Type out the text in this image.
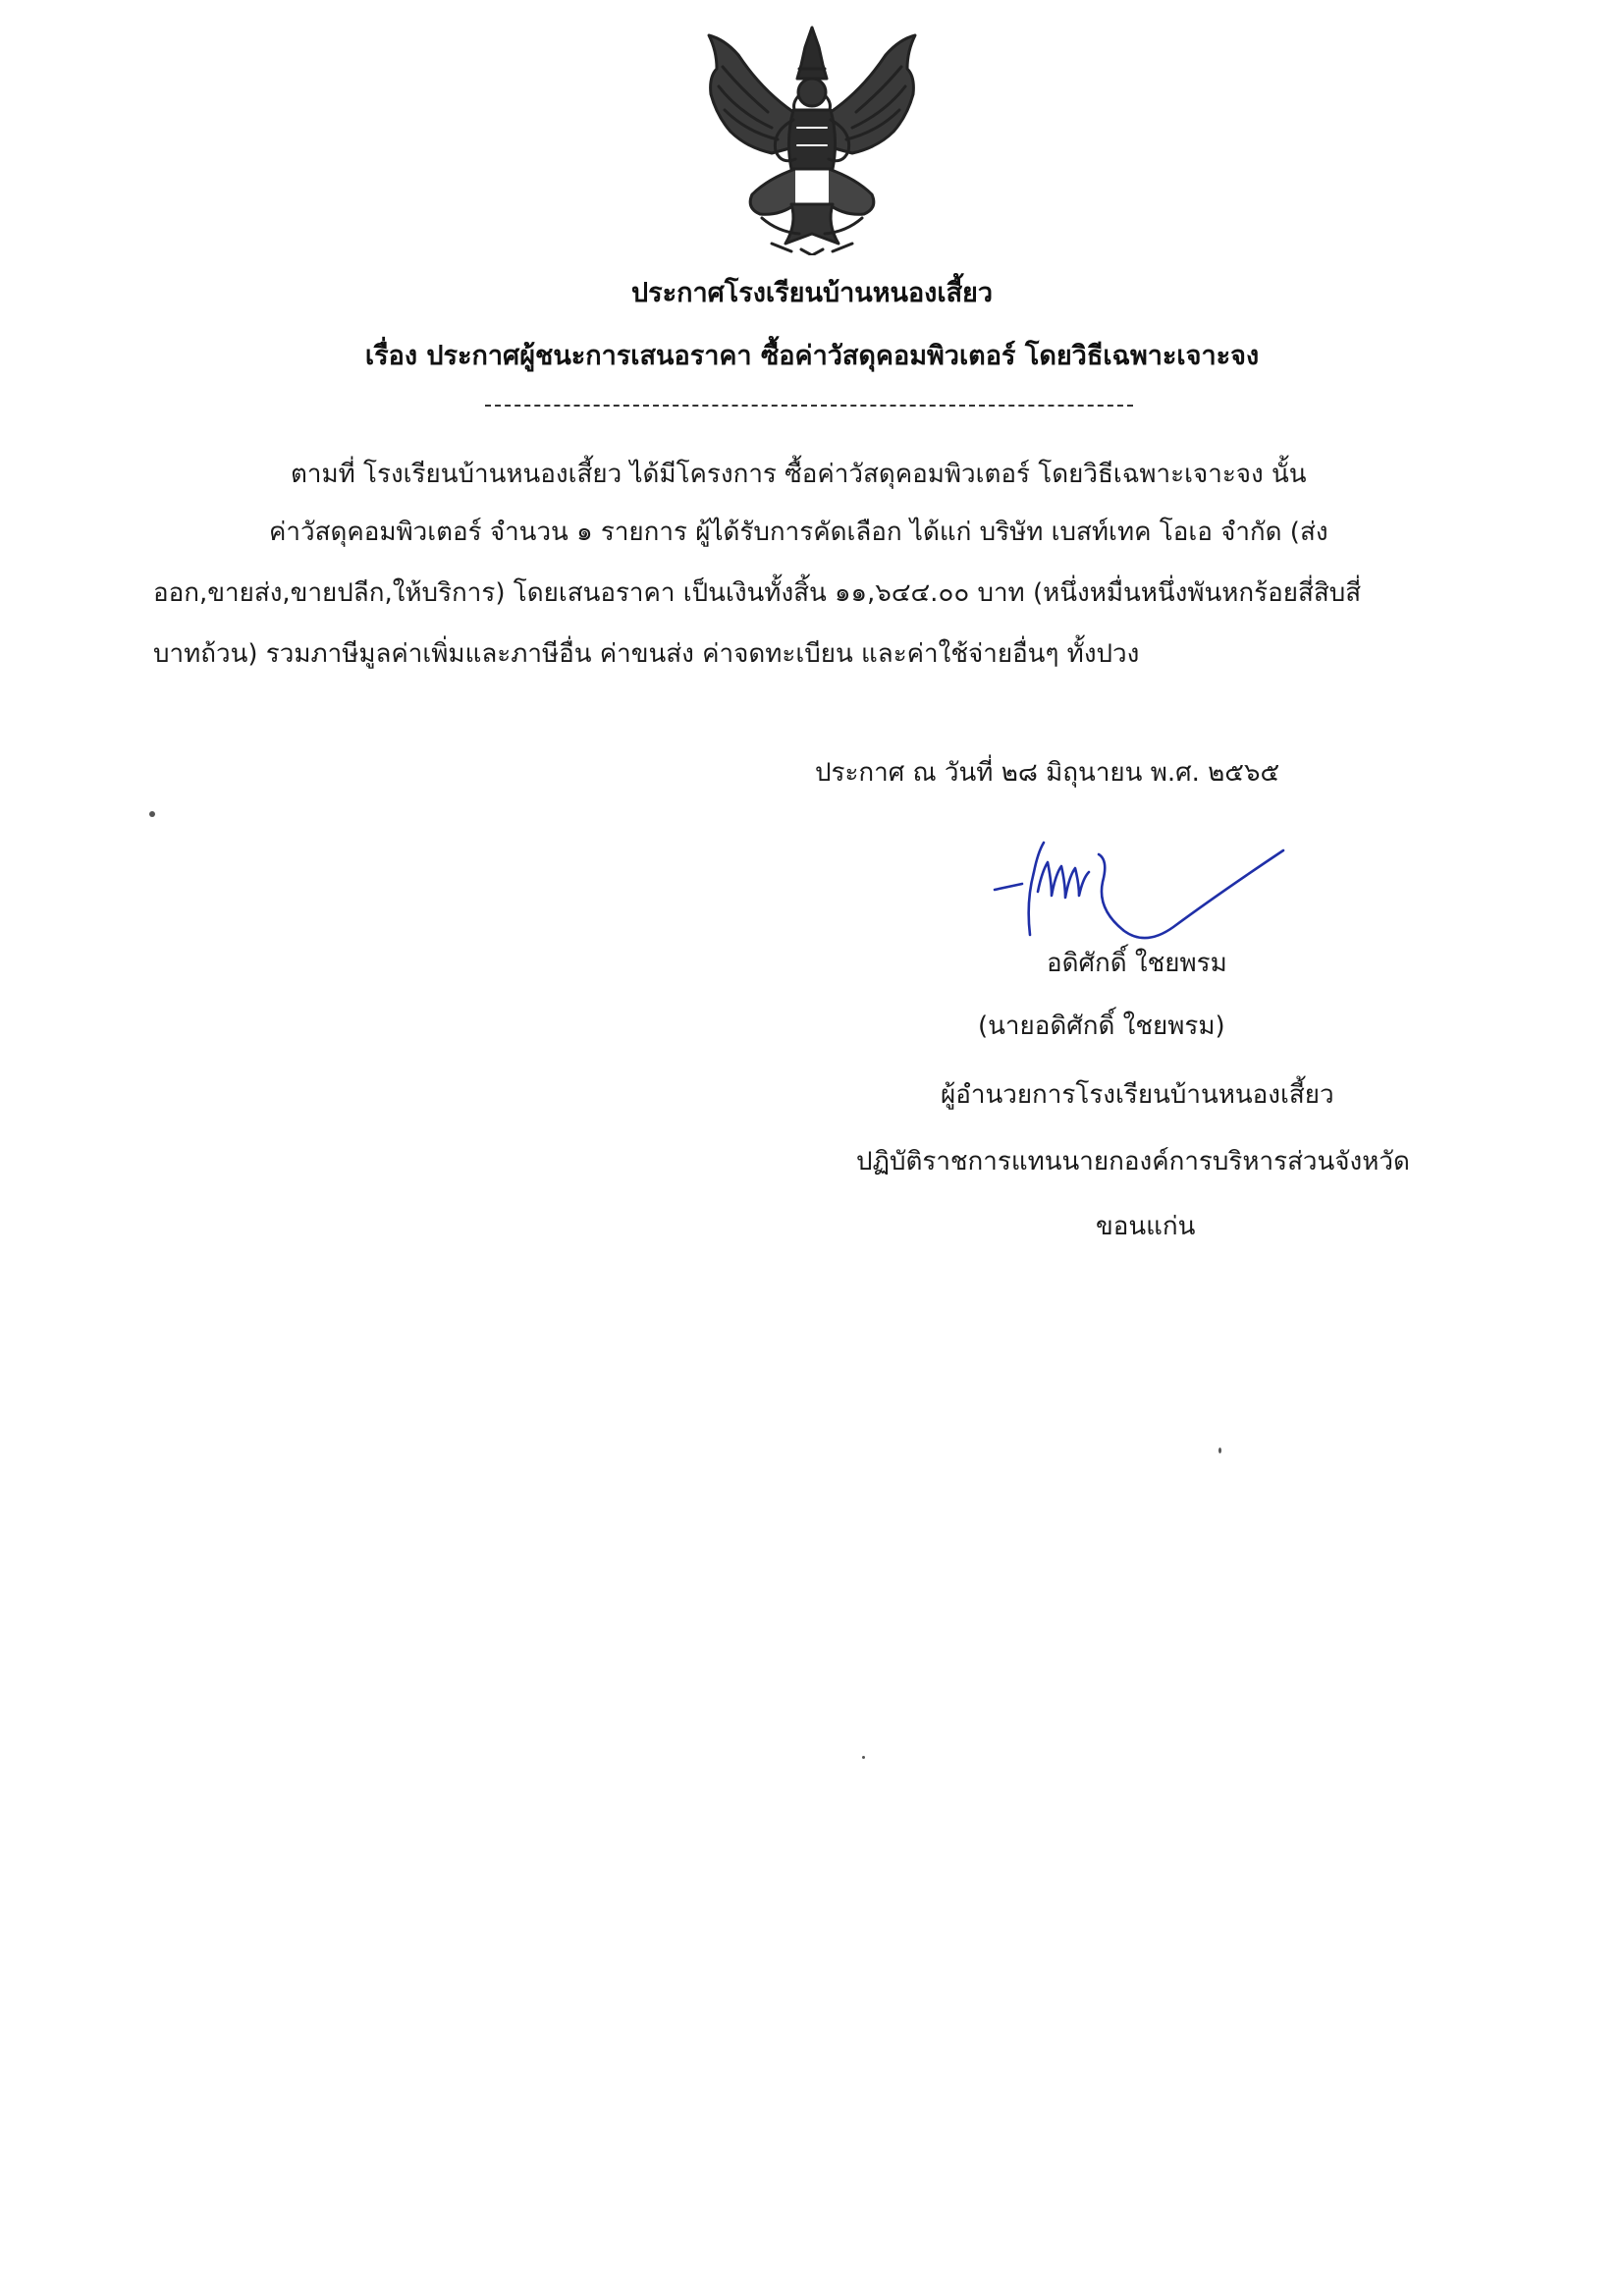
ประกาศโรงเรียนบ้านหนองเสี้ยว
เรื่อง ประกาศผู้ชนะการเสนอราคา ซื้อค่าวัสดุคอมพิวเตอร์ โดยวิธีเฉพาะเจาะจง
ตามที่ โรงเรียนบ้านหนองเสี้ยว ได้มีโครงการ ซื้อค่าวัสดุคอมพิวเตอร์ โดยวิธีเฉพาะเจาะจง นั้น
ค่าวัสดุคอมพิวเตอร์ จำนวน ๑ รายการ ผู้ได้รับการคัดเลือก ได้แก่ บริษัท เบสท์เทค โอเอ จำกัด (ส่ง
ออก,ขายส่ง,ขายปลีก,ให้บริการ) โดยเสนอราคา เป็นเงินทั้งสิ้น ๑๑,๖๔๔.๐๐ บาท (หนึ่งหมื่นหนึ่งพันหกร้อยสี่สิบสี่
บาทถ้วน) รวมภาษีมูลค่าเพิ่มและภาษีอื่น ค่าขนส่ง ค่าจดทะเบียน และค่าใช้จ่ายอื่นๆ ทั้งปวง
ประกาศ ณ วันที่ ๒๘ มิถุนายน พ.ศ. ๒๕๖๕
อดิศักดิ์ ใชยพรม
(นายอดิศักดิ์ ใชยพรม)
ผู้อำนวยการโรงเรียนบ้านหนองเสี้ยว
ปฏิบัติราชการแทนนายกองค์การบริหารส่วนจังหวัด
ขอนแก่น
